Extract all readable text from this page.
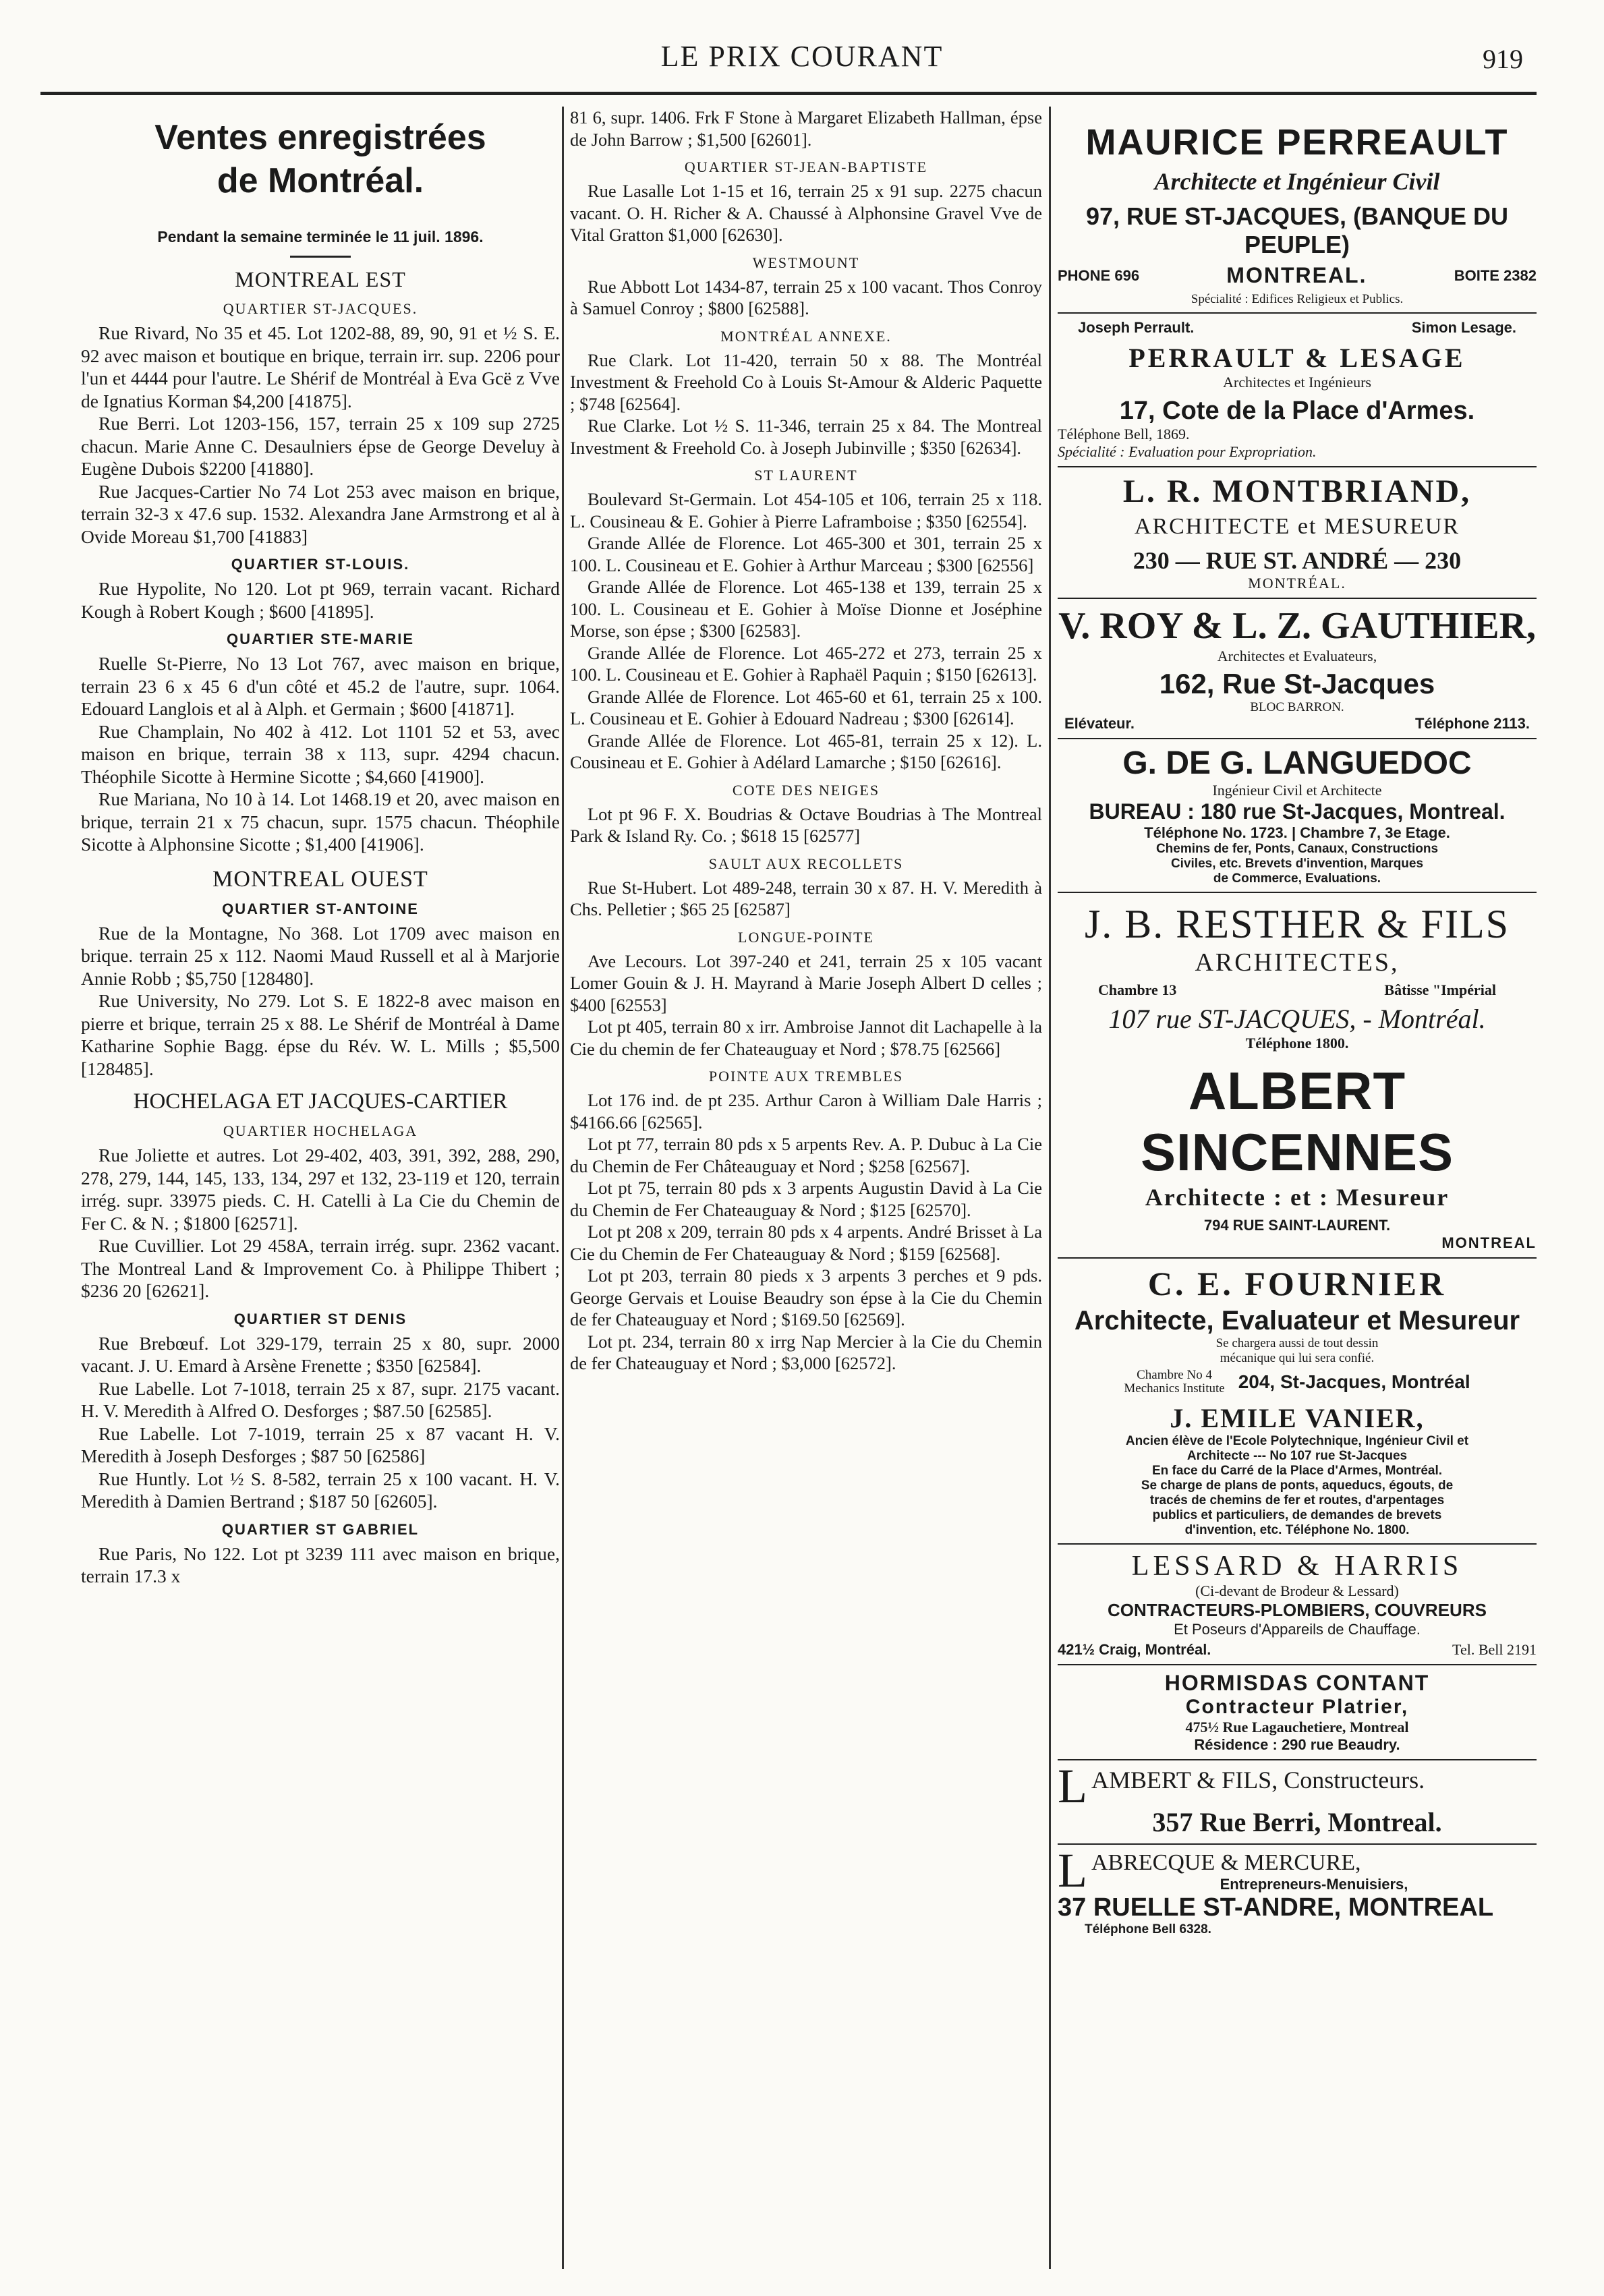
LE PRIX COURANT	919
Ventes enregistrées
de Montréal.
Pendant la semaine terminée le 11 juil. 1896.
MONTREAL EST
QUARTIER ST-JACQUES.

Rue Rivard, No 35 et 45. Lot 1202-88, 89, 90, 91 et ½ S. E. 92 avec maison et boutique en brique, terrain irr. sup. 2206 pour l'un et 4444 pour l'autre. Le Shérif de Montréal à Eva Gcë z Vve de Ignatius Korman $4,200 [41875].

Rue Berri. Lot 1203-156, 157, terrain 25 x 109 sup 2725 chacun. Marie Anne C. Desaulniers épse de George Develuy à Eugène Dubois $2200 [41880].

Rue Jacques-Cartier No 74 Lot 253 avec maison en brique, terrain 32-3 x 47.6 sup. 1532. Alexandra Jane Armstrong et al à Ovide Moreau $1,700 [41883]

QUARTIER ST-LOUIS.

Rue Hypolite, No 120. Lot pt 969, terrain vacant. Richard Kough à Robert Kough ; $600 [41895].

QUARTIER STE-MARIE

Ruelle St-Pierre, No 13 Lot 767, avec maison en brique, terrain 23 6 x 45 6 d'un côté et 45.2 de l'autre, supr. 1064. Edouard Langlois et al à Alph. et Germain ; $600 [41871].

Rue Champlain, No 402 à 412. Lot 1101 52 et 53, avec maison en brique, terrain 38 x 113, supr. 4294 chacun. Théophile Sicotte à Hermine Sicotte ; $4,660 [41900].

Rue Mariana, No 10 à 14. Lot 1468.19 et 20, avec maison en brique, terrain 21 x 75 chacun, supr. 1575 chacun. Théophile Sicotte à Alphonsine Sicotte ; $1,400 [41906].

MONTREAL OUEST
QUARTIER ST-ANTOINE

Rue de la Montagne, No 368. Lot 1709 avec maison en brique. terrain 25 x 112. Naomi Maud Russell et al à Marjorie Annie Robb ; $5,750 [128480].

Rue University, No 279. Lot S. E 1822-8 avec maison en pierre et brique, terrain 25 x 88. Le Shérif de Montréal à Dame Katharine Sophie Bagg. épse du Rév. W. L. Mills ; $5,500 [128485].

HOCHELAGA ET JACQUES-CARTIER
QUARTIER HOCHELAGA

Rue Joliette et autres. Lot 29-402, 403, 391, 392, 288, 290, 278, 279, 144, 145, 133, 134, 297 et 132, 23-119 et 120, terrain irrég. supr. 33975 pieds. C. H. Catelli à La Cie du Chemin de Fer C. & N. ; $1800 [62571].

Rue Cuvillier. Lot 29 458A, terrain irrég. supr. 2362 vacant. The Montreal Land & Improvement Co. à Philippe Thibert ; $236 20 [62621].

QUARTIER ST DENIS

Rue Brebœuf. Lot 329-179, terrain 25 x 80, supr. 2000 vacant. J. U. Emard à Arsène Frenette ; $350 [62584].

Rue Labelle. Lot 7-1018, terrain 25 x 87, supr. 2175 vacant. H. V. Meredith à Alfred O. Desforges ; $87.50 [62585].

Rue Labelle. Lot 7-1019, terrain 25 x 87 vacant H. V. Meredith à Joseph Desforges ; $87 50 [62586]

Rue Huntly. Lot ½ S. 8-582, terrain 25 x 100 vacant. H. V. Meredith à Damien Bertrand ; $187 50 [62605].

QUARTIER ST GABRIEL

Rue Paris, No 122. Lot pt 3239 111 avec maison en brique, terrain 17.3 x

81 6, supr. 1406. Frk F Stone à Margaret Elizabeth Hallman, épse de John Barrow ; $1,500 [62601].

QUARTIER ST-JEAN-BAPTISTE

Rue Lasalle Lot 1-15 et 16, terrain 25 x 91 sup. 2275 chacun vacant. O. H. Richer & A. Chaussé à Alphonsine Gravel Vve de Vital Gratton $1,000 [62630].

WESTMOUNT

Rue Abbott Lot 1434-87, terrain 25 x 100 vacant. Thos Conroy à Samuel Conroy ; $800 [62588].

MONTRÉAL ANNEXE.

Rue Clark. Lot 11-420, terrain 50 x 88. The Montréal Investment & Freehold Co à Louis St-Amour & Alderic Paquette ; $748 [62564].

Rue Clarke. Lot ½ S. 11-346, terrain 25 x 84. The Montreal Investment & Freehold Co. à Joseph Jubinville ; $350 [62634].

ST LAURENT

Boulevard St-Germain. Lot 454-105 et 106, terrain 25 x 118. L. Cousineau & E. Gohier à Pierre Laframboise ; $350 [62554].

Grande Allée de Florence. Lot 465-300 et 301, terrain 25 x 100. L. Cousineau et E. Gohier à Arthur Marceau ; $300 [62556]

Grande Allée de Florence. Lot 465-138 et 139, terrain 25 x 100. L. Cousineau et E. Gohier à Moïse Dionne et Joséphine Morse, son épse ; $300 [62583].

Grande Allée de Florence. Lot 465-272 et 273, terrain 25 x 100. L. Cousineau et E. Gohier à Raphaël Paquin ; $150 [62613].

Grande Allée de Florence. Lot 465-60 et 61, terrain 25 x 100. L. Cousineau et E. Gohier à Edouard Nadreau ; $300 [62614].

Grande Allée de Florence. Lot 465-81, terrain 25 x 12). L. Cousineau et E. Gohier à Adélard Lamarche ; $150 [62616].

COTE DES NEIGES

Lot pt 96 F. X. Boudrias & Octave Boudrias à The Montreal Park & Island Ry. Co. ; $618 15 [62577]

SAULT AUX RECOLLETS

Rue St-Hubert. Lot 489-248, terrain 30 x 87. H. V. Meredith à Chs. Pelletier ; $65 25 [62587]

LONGUE-POINTE

Ave Lecours. Lot 397-240 et 241, terrain 25 x 105 vacant Lomer Gouin & J. H. Mayrand à Marie Joseph Albert D celles ; $400 [62553]

Lot pt 405, terrain 80 x irr. Ambroise Jannot dit Lachapelle à la Cie du chemin de fer Chateauguay et Nord ; $78.75 [62566]

POINTE AUX TREMBLES

Lot 176 ind. de pt 235. Arthur Caron à William Dale Harris ; $4166.66 [62565].

Lot pt 77, terrain 80 pds x 5 arpents Rev. A. P. Dubuc à La Cie du Chemin de Fer Châteauguay et Nord ; $258 [62567].

Lot pt 75, terrain 80 pds x 3 arpents Augustin David à La Cie du Chemin de Fer Chateauguay & Nord ; $125 [62570].

Lot pt 208 x 209, terrain 80 pds x 4 arpents. André Brisset à La Cie du Chemin de Fer Chateauguay & Nord ; $159 [62568].

Lot pt 203, terrain 80 pieds x 3 arpents 3 perches et 9 pds. George Gervais et Louise Beaudry son épse à la Cie du Chemin de fer Chateauguay et Nord ; $169.50 [62569].

Lot pt. 234, terrain 80 x irrg Nap Mercier à la Cie du Chemin de fer Chateauguay et Nord ; $3,000 [62572].

MAURICE PERREAULT
Architecte et Ingénieur Civil
97, RUE ST-JACQUES, (BANQUE DU PEUPLE)
PHONE 696	MONTREAL.	BOITE 2382
Spécialité : Edifices Religieux et Publics.
Joseph Perrault.	Simon Lesage.
PERRAULT & LESAGE
Architectes et Ingénieurs
17, Cote de la Place d'Armes.
Téléphone Bell, 1869.
Spécialité : Evaluation pour Expropriation.
L. R. MONTBRIAND,
ARCHITECTE et MESUREUR
230 — RUE ST. ANDRÉ — 230
MONTRÉAL.
V. ROY & L. Z. GAUTHIER,
Architectes et Evaluateurs,
162, Rue St-Jacques
BLOC BARRON.
Elévateur.	Téléphone 2113.
G. DE G. LANGUEDOC
Ingénieur Civil et Architecte
BUREAU : 180 rue St-Jacques, Montreal.
Téléphone No. 1723. | Chambre 7, 3e Etage.
Chemins de fer, Ponts, Canaux, Constructions
Civiles, etc. Brevets d'invention, Marques
de Commerce, Evaluations.
J. B. RESTHER & FILS
ARCHITECTES,
Chambre 13	Bâtisse "Impérial
107 rue ST-JACQUES, - Montréal.
Téléphone 1800.
ALBERT SINCENNES
Architecte : et : Mesureur
794 RUE SAINT-LAURENT.
MONTREAL
C. E. FOURNIER
Architecte, Evaluateur et Mesureur
Se chargera aussi de tout dessin
mécanique qui lui sera confié.
Chambre No 4
Mechanics Institute 204, St-Jacques, Montréal
J. EMILE VANIER,
Ancien élève de l'Ecole Polytechnique, Ingénieur Civil et
Architecte --- No 107 rue St-Jacques
En face du Carré de la Place d'Armes, Montréal.
Se charge de plans de ponts, aqueducs, égouts, de
tracés de chemins de fer et routes, d'arpentages
publics et particuliers, de demandes de brevets
d'invention, etc. Téléphone No. 1800.
LESSARD & HARRIS
(Ci-devant de Brodeur & Lessard)
CONTRACTEURS-PLOMBIERS, COUVREURS
Et Poseurs d'Appareils de Chauffage.
421½ Craig, Montréal.	Tel. Bell 2191
HORMISDAS CONTANT
Contracteur Platrier,
475½ Rue Lagauchetiere, Montreal
Résidence : 290 rue Beaudry.
L AMBERT & FILS, Constructeurs.
357 Rue Berri, Montreal.
L ABRECQUE & MERCURE,
Entrepreneurs-Menuisiers,
37 RUELLE ST-ANDRE, MONTREAL
Téléphone Bell 6328.
